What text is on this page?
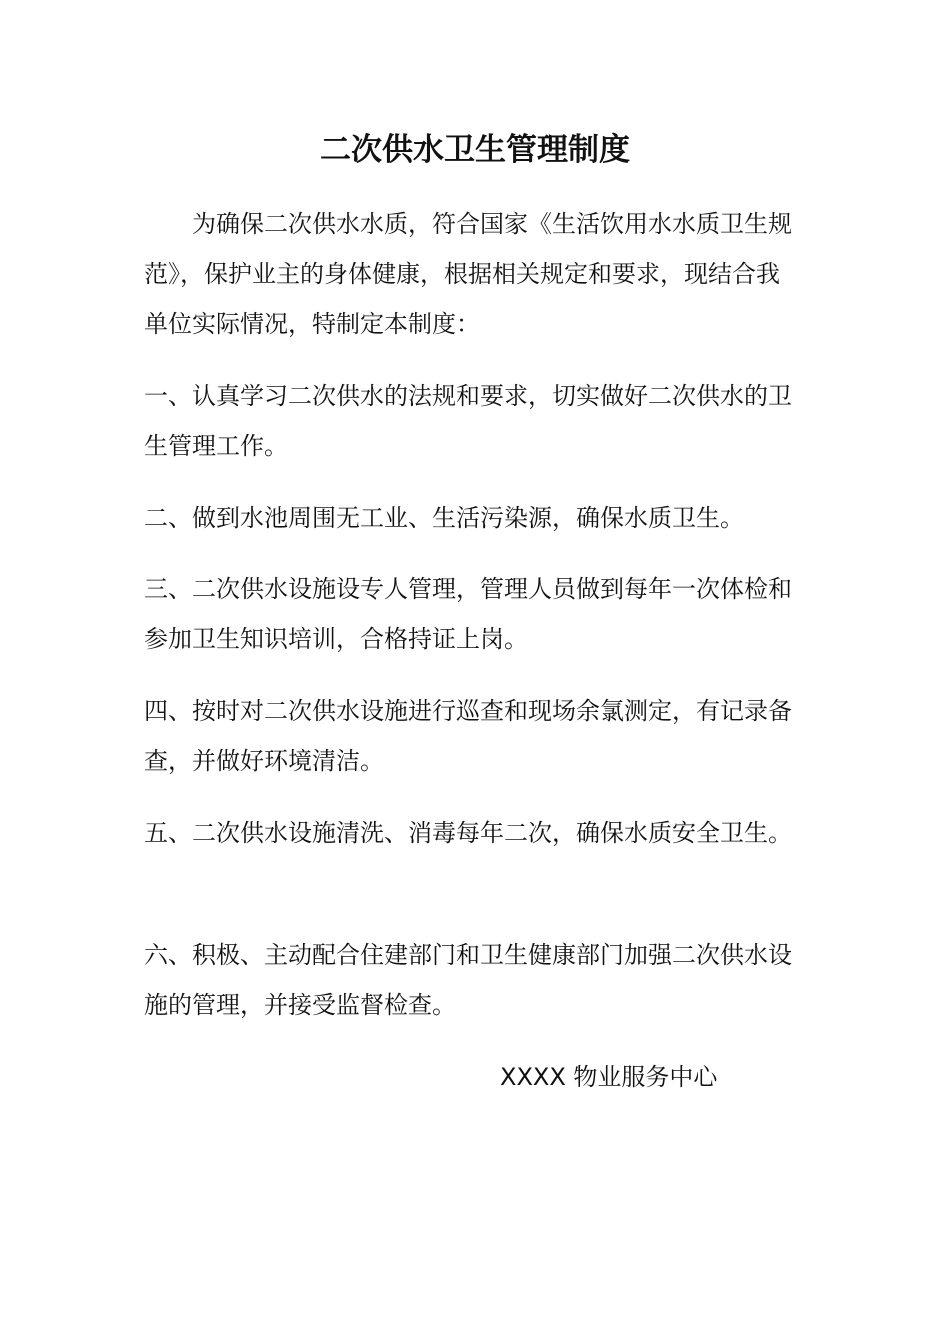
二次供水卫生管理制度

为确保二次供水水质，符合国家《生活饮用水水质卫生规范》，保护业主的身体健康，根据相关规定和要求，现结合我单位实际情况，特制定本制度：

一、认真学习二次供水的法规和要求，切实做好二次供水的卫生管理工作。

二、做到水池周围无工业、生活污染源，确保水质卫生。

三、二次供水设施设专人管理，管理人员做到每年一次体检和参加卫生知识培训，合格持证上岗。

四、按时对二次供水设施进行巡查和现场余氯测定，有记录备查，并做好环境清洁。

五、二次供水设施清洗、消毒每年二次，确保水质安全卫生。

六、积极、主动配合住建部门和卫生健康部门加强二次供水设施的管理，并接受监督检查。

XXXX 物业服务中心
